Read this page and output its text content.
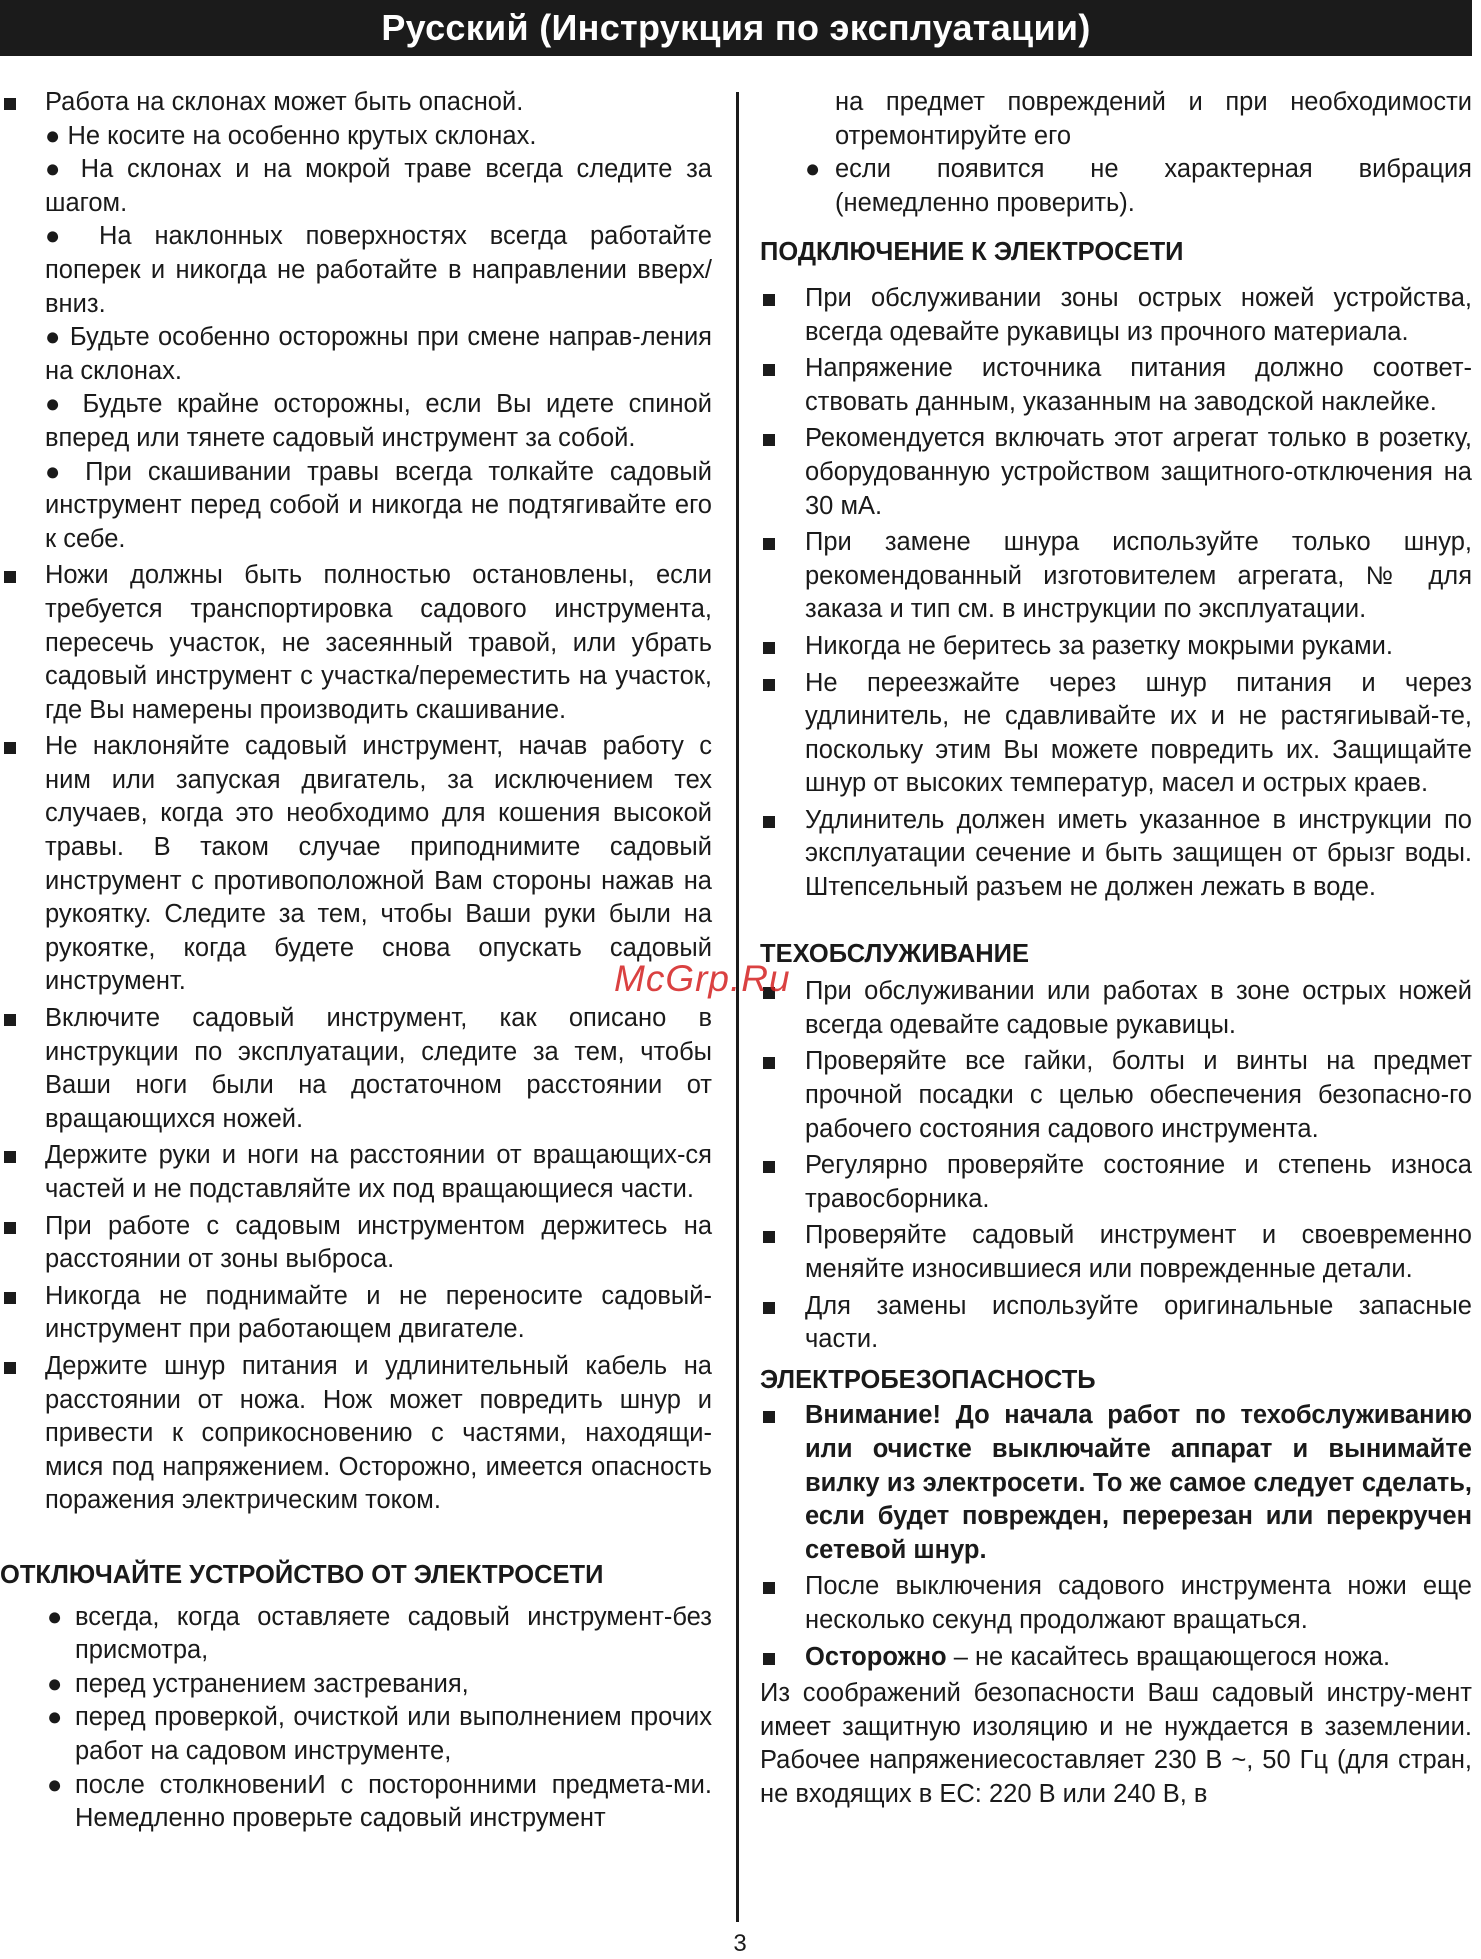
Русский (Инструкция по эксплуатации)
Работа на склонах может быть опасной.
● Не косите на особенно крутых склонах.
● На склонах и на мокрой траве всегда следите за шагом.
● На наклонных поверхностях всегда работайте поперек и никогда не работайте в направлении вверх/вниз.
● Будьте особенно осторожны при смене направ-ления на склонах.
● Будьте крайне осторожны, если Вы идете спиной вперед или тянете садовый инструмент за собой.
● При скашивании травы всегда толкайте садовый инструмент перед собой и никогда не подтягивайте его к себе.
Ножи должны быть полностью остановлены, если требуется транспортировка садового инструмента, пересечь участок, не засеянный травой, или убрать садовый инструмент с участка/переместить на участок, где Вы намерены производить скашивание.
Не наклоняйте садовый инструмент, начав работу с ним или запуская двигатель, за исключением тех случаев, когда это необходимо для кошения высокой травы. В таком случае приподнимите садовый инструмент с противоположной Вам стороны нажав на рукоятку. Следите за тем, чтобы Ваши руки были на рукоятке, когда будете снова опускать садовый инструмент.
Включите садовый инструмент, как описано в инструкции по эксплуатации, следите за тем, чтобы Ваши ноги были на достаточном расстоянии от вращающихся ножей.
Держите руки и ноги на расстоянии от вращающих-ся частей и не подставляйте их под вращающиеся части.
При работе с садовым инструментом держитесь на расстоянии от зоны выброса.
Никогда не поднимайте и не переносите садовый-инструмент при работающем двигателе.
Держите шнур питания и удлинительный кабель на расстоянии от ножа. Нож может повредить шнур и привести к соприкосновению с частями, находящи-мися под напряжением. Осторожно, имеется опасность поражения электрическим током.
ОТКЛЮЧАЙТЕ УСТРОЙСТВО ОТ ЭЛЕКТРОСЕТИ
● всегда, когда оставляете садовый инструмент-без присмотра,
● перед устранением застревания,
● перед проверкой, очисткой или выполнением прочих работ на садовом инструменте,
● после столкновениИ с посторонними предмета-ми. Немедленно проверьте садовый инструмент
на предмет повреждений и при необходимости отремонтируйте его
● если появится не характерная вибрация (немедленно проверить).
ПОДКЛЮЧЕНИЕ К ЭЛЕКТРОСЕТИ
При обслуживании зоны острых ножей устройства, всегда одевайте рукавицы из прочного материала.
Напряжение источника питания должно соответ-ствовать данным, указанным на заводской наклейке.
Рекомендуется включать этот агрегат только в розетку, оборудованную устройством защитного-отключения на 30 мА.
При замене шнура используйте только шнур, рекомендованный изготовителем агрегата, № для заказа и тип см. в инструкции по эксплуатации.
Никогда не беритесь за разетку мокрыми руками.
Не переезжайте через шнур питания и через удлинитель, не сдавливайте их и не растягиывай-те, поскольку этим Вы можете повредить их. Защищайте шнур от высоких температур, масел и острых краев.
Удлинитель должен иметь указанное в инструкции по эксплуатации сечение и быть защищен от брызг воды. Штепсельный разъем не должен лежать в воде.
ТЕХОБСЛУЖИВАНИЕ
При обслуживании или работах в зоне острых ножей всегда одевайте садовые рукавицы.
Проверяйте все гайки, болты и винты на предмет прочной посадки с целью обеспечения безопасно-го рабочего состояния садового инструмента.
Регулярно проверяйте состояние и степень износа травосборника.
Проверяйте садовый инструмент и своевременно меняйте износившиеся или поврежденные детали.
Для замены используйте оригинальные запасные части.
ЭЛЕКТРОБЕЗОПАСНОСТЬ
Внимание! До начала работ по техобслуживанию или очистке выключайте аппарат и вынимайте вилку из электросети. То же самое следует сделать, если будет поврежден, перерезан или перекручен сетевой шнур.
После выключения садового инструмента ножи еще несколько секунд продолжают вращаться.
Осторожно – не касайтесь вращающегося ножа.
Из соображений безопасности Ваш садовый инстру-мент имеет защитную изоляцию и не нуждается в заземлении. Рабочее напряжениесоставляет 230 В ~, 50 Гц (для стран, не входящих в ЕС: 220 В или 240 В, в
McGrp.Ru
3
